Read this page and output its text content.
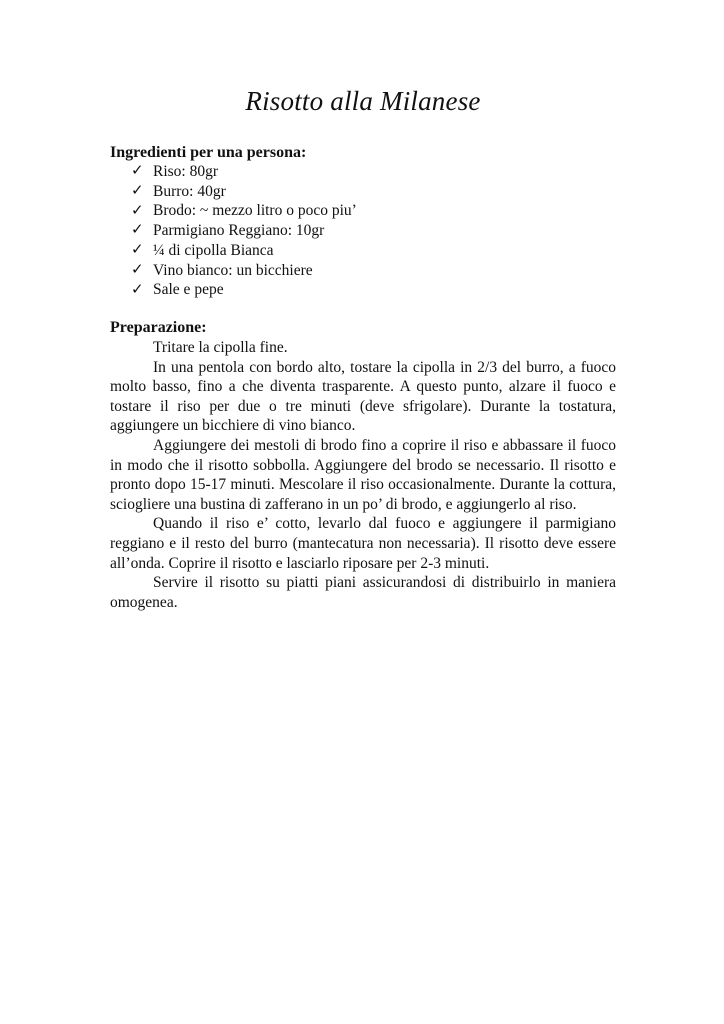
Risotto alla Milanese
Ingredienti per una persona:
✓ Riso: 80gr
✓ Burro: 40gr
✓ Brodo: ~ mezzo litro o poco piu’
✓ Parmigiano Reggiano: 10gr
✓ ¼ di cipolla Bianca
✓ Vino bianco: un bicchiere
✓ Sale e pepe
Preparazione:

Tritare la cipolla fine.

In una pentola con bordo alto, tostare la cipolla in 2/3 del burro, a fuoco molto basso, fino a che diventa trasparente. A questo punto, alzare il fuoco e tostare il riso per due o tre minuti (deve sfrigolare). Durante la tostatura, aggiungere un bicchiere di vino bianco.

Aggiungere dei mestoli di brodo fino a coprire il riso e abbassare il fuoco in modo che il risotto sobbolla. Aggiungere del brodo se necessario. Il risotto e pronto dopo 15-17 minuti. Mescolare il riso occasionalmente. Durante la cottura, sciogliere una bustina di zafferano in un po’ di brodo, e aggiungerlo al riso.

Quando il riso e’ cotto, levarlo dal fuoco e aggiungere il parmigiano reggiano e il resto del burro (mantecatura non necessaria). Il risotto deve essere all’onda. Coprire il risotto e lasciarlo riposare per 2-3 minuti.

Servire il risotto su piatti piani assicurandosi di distribuirlo in maniera omogenea.
